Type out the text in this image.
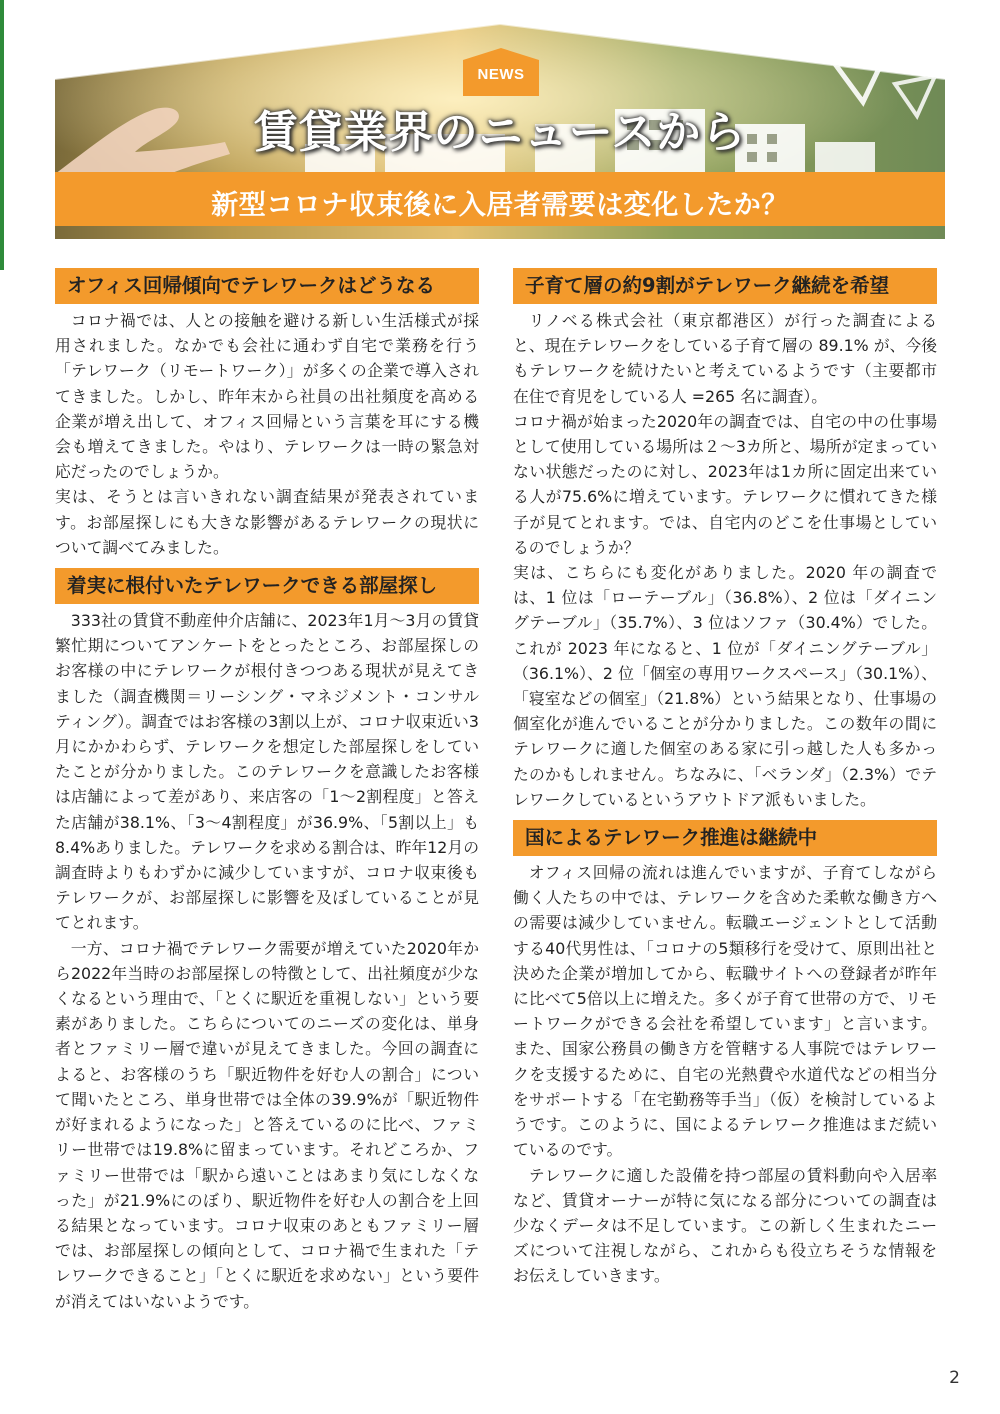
NEWS
賃貸業界のニュースから
新型コロナ収束後に入居者需要は変化したか？
オフィス回帰傾向でテレワークはどうなる

コロナ禍では、人との接触を避ける新しい生活様式が採用されました。なかでも会社に通わず自宅で業務を行う「テレワーク（リモートワーク）」が多くの企業で導入されてきました。しかし、昨年末から社員の出社頻度を高める企業が増え出して、オフィス回帰という言葉を耳にする機会も増えてきました。やはり、テレワークは一時の緊急対応だったのでしょうか。

実は、そうとは言いきれない調査結果が発表されています。お部屋探しにも大きな影響があるテレワークの現状について調べてみました。

着実に根付いたテレワークできる部屋探し

333社の賃貸不動産仲介店舗に、2023年1月〜3月の賃貸繁忙期についてアンケートをとったところ、お部屋探しのお客様の中にテレワークが根付きつつある現状が見えてきました（調査機関＝リーシング・マネジメント・コンサルティング）。調査ではお客様の3割以上が、コロナ収束近い3月にかかわらず、テレワークを想定した部屋探しをしていたことが分かりました。このテレワークを意識したお客様は店舗によって差があり、来店客の「1〜2割程度」と答えた店舗が38.1%、「3〜4割程度」が36.9%、「5割以上」も8.4%ありました。テレワークを求める割合は、昨年12月の調査時よりもわずかに減少していますが、コロナ収束後もテレワークが、お部屋探しに影響を及ぼしていることが見てとれます。

一方、コロナ禍でテレワーク需要が増えていた2020年から2022年当時のお部屋探しの特徴として、出社頻度が少なくなるという理由で、「とくに駅近を重視しない」という要素がありました。こちらについてのニーズの変化は、単身者とファミリー層で違いが見えてきました。今回の調査によると、お客様のうち「駅近物件を好む人の割合」について聞いたところ、単身世帯では全体の39.9%が「駅近物件が好まれるようになった」と答えているのに比べ、ファミリー世帯では19.8%に留まっています。それどころか、ファミリー世帯では「駅から遠いことはあまり気にしなくなった」が21.9%にのぼり、駅近物件を好む人の割合を上回る結果となっています。コロナ収束のあともファミリー層では、お部屋探しの傾向として、コロナ禍で生まれた「テレワークできること」「とくに駅近を求めない」という要件が消えてはいないようです。

子育て層の約9割がテレワーク継続を希望

リノベる株式会社（東京都港区）が行った調査によると、現在テレワークをしている子育て層の 89.1% が、今後もテレワークを続けたいと考えているようです（主要都市在住で育児をしている人 =265 名に調査）。

コロナ禍が始まった2020年の調査では、自宅の中の仕事場として使用している場所は２〜3カ所と、場所が定まっていない状態だったのに対し、2023年は1カ所に固定出来ている人が75.6%に増えています。テレワークに慣れてきた様子が見てとれます。では、自宅内のどこを仕事場としているのでしょうか？

実は、こちらにも変化がありました。2020 年の調査では、1 位は「ローテーブル」（36.8%）、2 位は「ダイニングテーブル」（35.7%）、3 位はソファ（30.4%）でした。これが 2023 年になると、1 位が「ダイニングテーブル」（36.1%）、2 位「個室の専用ワークスペース」（30.1%）、「寝室などの個室」（21.8%）という結果となり、仕事場の個室化が進んでいることが分かりました。この数年の間にテレワークに適した個室のある家に引っ越した人も多かったのかもしれません。ちなみに、「ベランダ」（2.3%）でテレワークしているというアウトドア派もいました。

国によるテレワーク推進は継続中

オフィス回帰の流れは進んでいますが、子育てしながら働く人たちの中では、テレワークを含めた柔軟な働き方への需要は減少していません。転職エージェントとして活動する40代男性は、「コロナの5類移行を受けて、原則出社と決めた企業が増加してから、転職サイトへの登録者が昨年に比べて5倍以上に増えた。多くが子育て世帯の方で、リモートワークができる会社を希望しています」と言います。また、国家公務員の働き方を管轄する人事院ではテレワークを支援するために、自宅の光熱費や水道代などの相当分をサポートする「在宅勤務等手当」（仮）を検討しているようです。このように、国によるテレワーク推進はまだ続いているのです。

テレワークに適した設備を持つ部屋の賃料動向や入居率など、賃貸オーナーが特に気になる部分についての調査は少なくデータは不足しています。この新しく生まれたニーズについて注視しながら、これからも役立ちそうな情報をお伝えしていきます。

2
